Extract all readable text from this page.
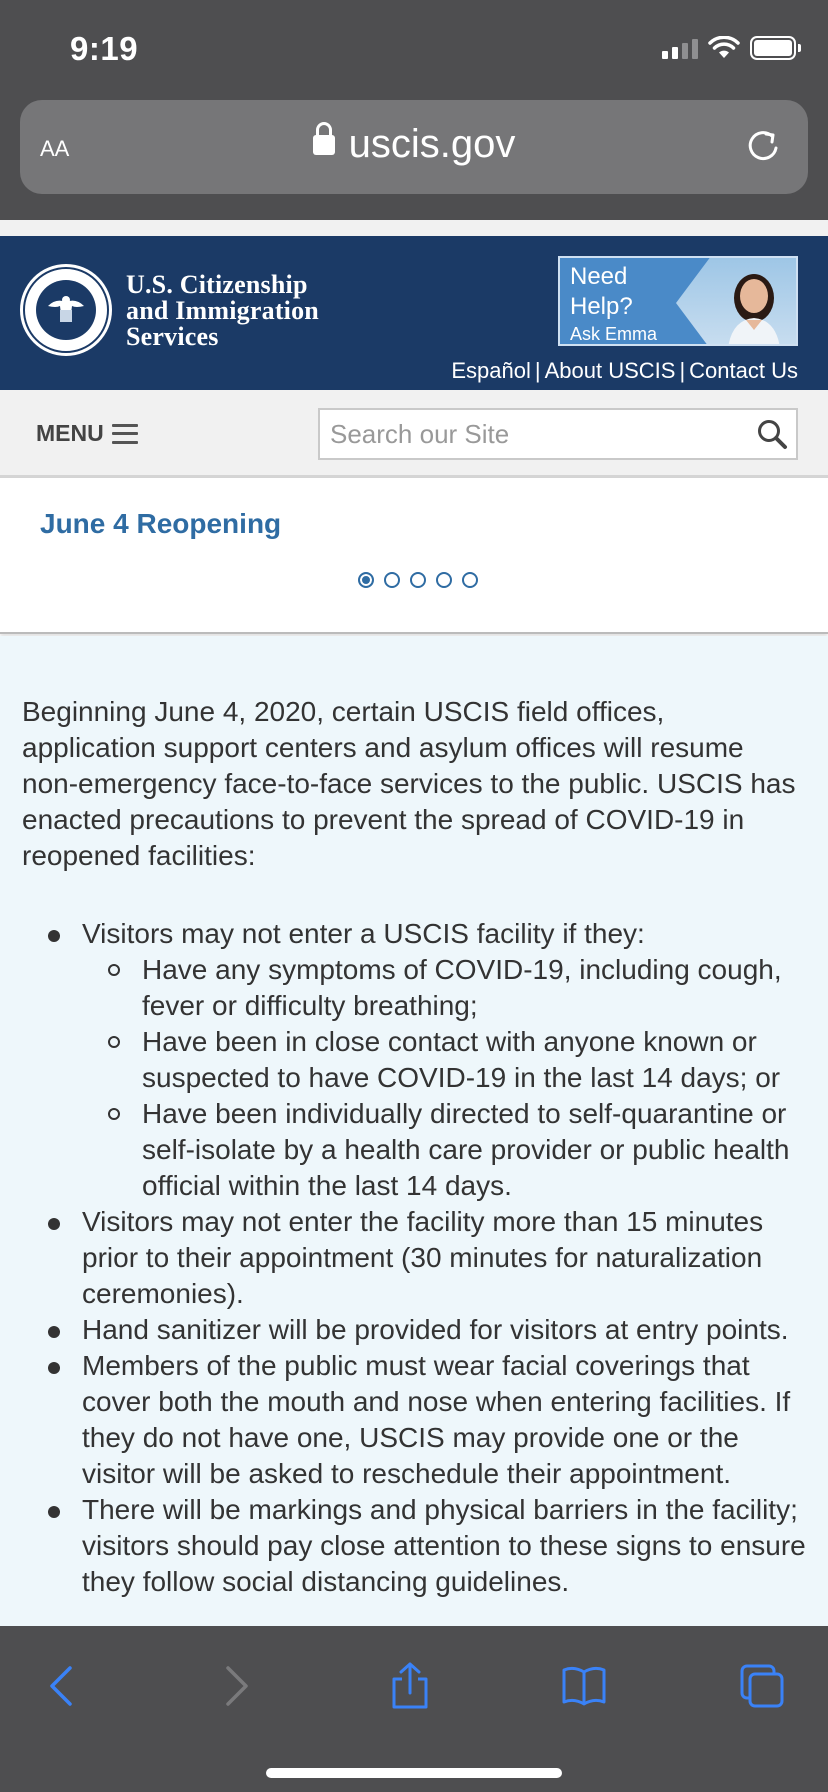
9:19
AA	uscis.gov
U.S. Citizenship
and Immigration
Services
Need
Help?
Ask Emma
Español | About USCIS | Contact Us
MENU
Search our Site
June 4 Reopening

Beginning June 4, 2020, certain USCIS field offices, application support centers and asylum offices will resume non-emergency face-to-face services to the public. USCIS has enacted precautions to prevent the spread of COVID-19 in reopened facilities:

Visitors may not enter a USCIS facility if they:
Have any symptoms of COVID-19, including cough, fever or difficulty breathing;
Have been in close contact with anyone known or suspected to have COVID-19 in the last 14 days; or
Have been individually directed to self-quarantine or self-isolate by a health care provider or public health official within the last 14 days.
Visitors may not enter the facility more than 15 minutes prior to their appointment (30 minutes for naturalization ceremonies).
Hand sanitizer will be provided for visitors at entry points.
Members of the public must wear facial coverings that cover both the mouth and nose when entering facilities. If they do not have one, USCIS may provide one or the visitor will be asked to reschedule their appointment.
There will be markings and physical barriers in the facility; visitors should pay close attention to these signs to ensure they follow social distancing guidelines.
